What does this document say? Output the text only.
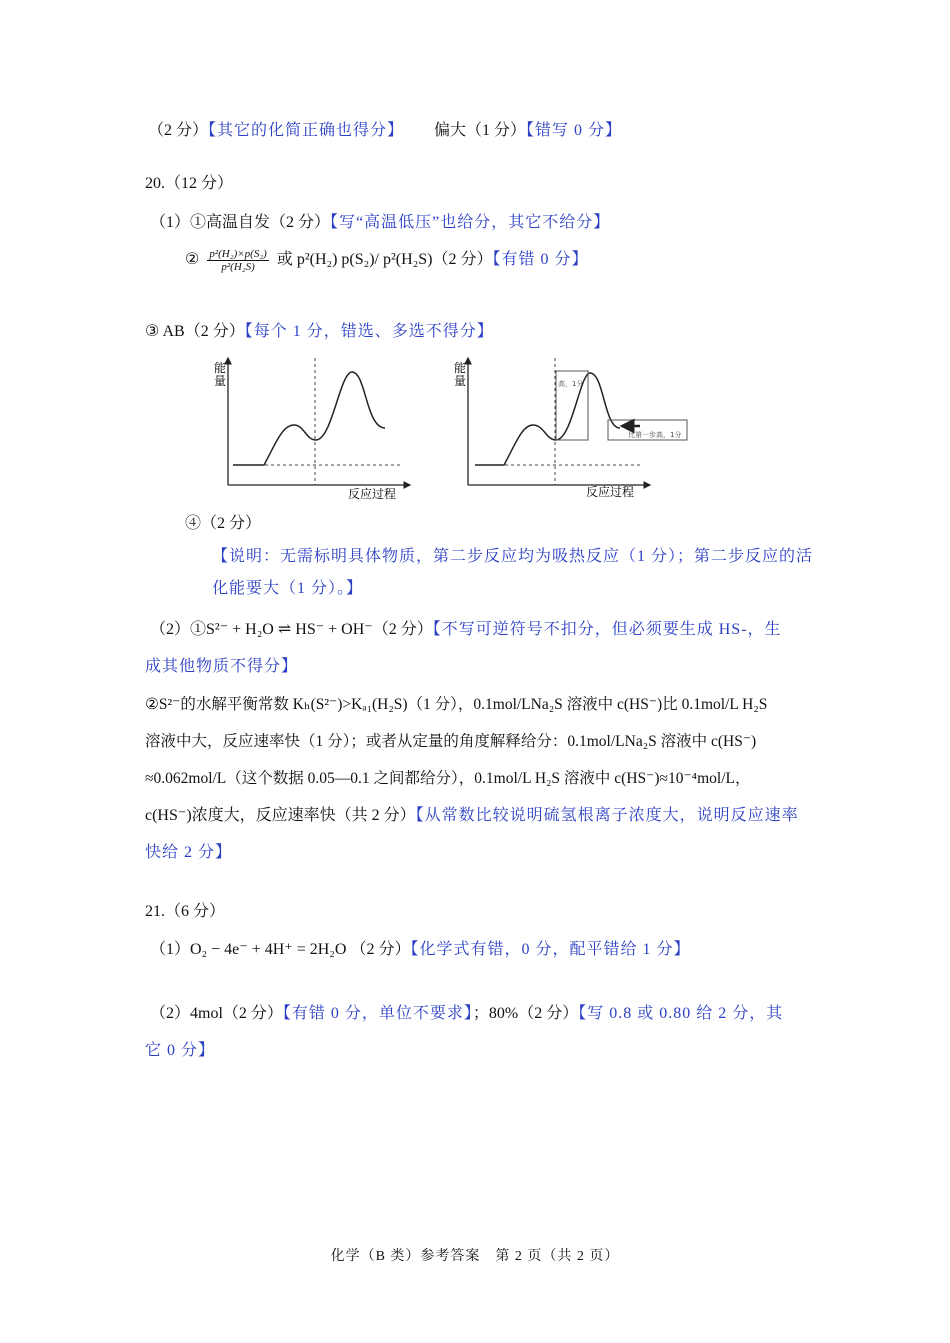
（2 分）【其它的化简正确也得分】 偏大（1 分）【错写 0 分】
20.（12 分）
（1）①高温自发（2 分）【写“高温低压”也给分，其它不给分】
② $\frac{\text{p²(H₂)×p(S₂)}}{\text{p²(H₂S)}}$ 或 p²(H₂) p(S₂)/ p²(H₂S)（2 分）【有错 0 分】
③ AB（2 分）【每个 1 分，错选、多选不得分】
能
量
反应过程
高，1分
比第一步高，1分
能
量
反应过程
④（2 分）
【说明：无需标明具体物质，第二步反应均为吸热反应（1 分）；第二步反应的活
化能要大（1 分）。】
（2）①S²⁻ + H₂O ⇌ HS⁻ + OH⁻（2 分）【不写可逆符号不扣分，但必须要生成 HS-，生
成其他物质不得分】
②S²⁻的水解平衡常数 Kₕ(S²⁻)>Kₐ₁(H₂S)（1 分），0.1mol/LNa₂S 溶液中 c(HS⁻)比 0.1mol/L H₂S
溶液中大，反应速率快（1 分）；或者从定量的角度解释给分：0.1mol/LNa₂S 溶液中 c(HS⁻)
≈0.062mol/L（这个数据 0.05—0.1 之间都给分），0.1mol/L H₂S 溶液中 c(HS⁻)≈10⁻⁴mol/L，
c(HS⁻)浓度大，反应速率快（共 2 分）【从常数比较说明硫氢根离子浓度大，说明反应速率
快给 2 分】
21.（6 分）
（1）O₂ − 4e⁻ + 4H⁺ = 2H₂O （2 分）【化学式有错，0 分，配平错给 1 分】
（2）4mol（2 分）【有错 0 分，单位不要求】；80%（2 分）【写 0.8 或 0.80 给 2 分，其
它 0 分】
化学（B 类）参考答案　第 2 页（共 2 页）
